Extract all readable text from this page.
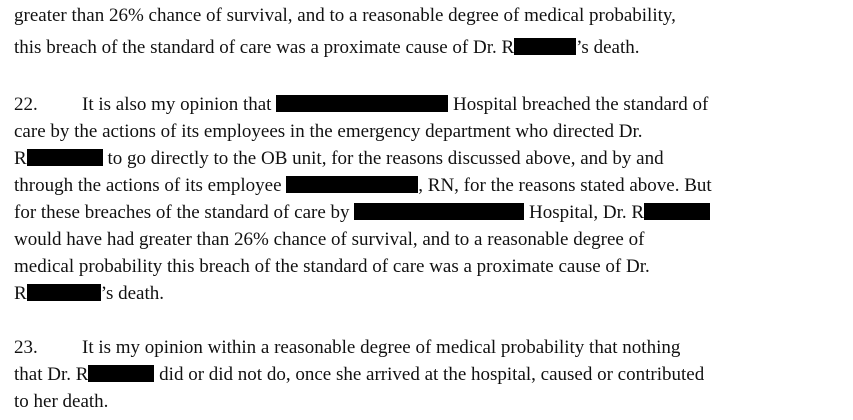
greater than 26% chance of survival, and to a reasonable degree of medical probability,
this breach of the standard of care was a proximate cause of Dr. R	’s death.
22. It is also my opinion that	Hospital breached the standard of
care by the actions of its employees in the emergency department who directed Dr.
R	to go directly to the OB unit, for the reasons discussed above, and by and
through the actions of its employee	, RN, for the reasons stated above. But
for these breaches of the standard of care by	Hospital, Dr. R
would have had greater than 26% chance of survival, and to a reasonable degree of
medical probability this breach of the standard of care was a proximate cause of Dr.
R	’s death.
23. It is my opinion within a reasonable degree of medical probability that nothing
that Dr. R	did or did not do, once she arrived at the hospital, caused or contributed
to her death.
